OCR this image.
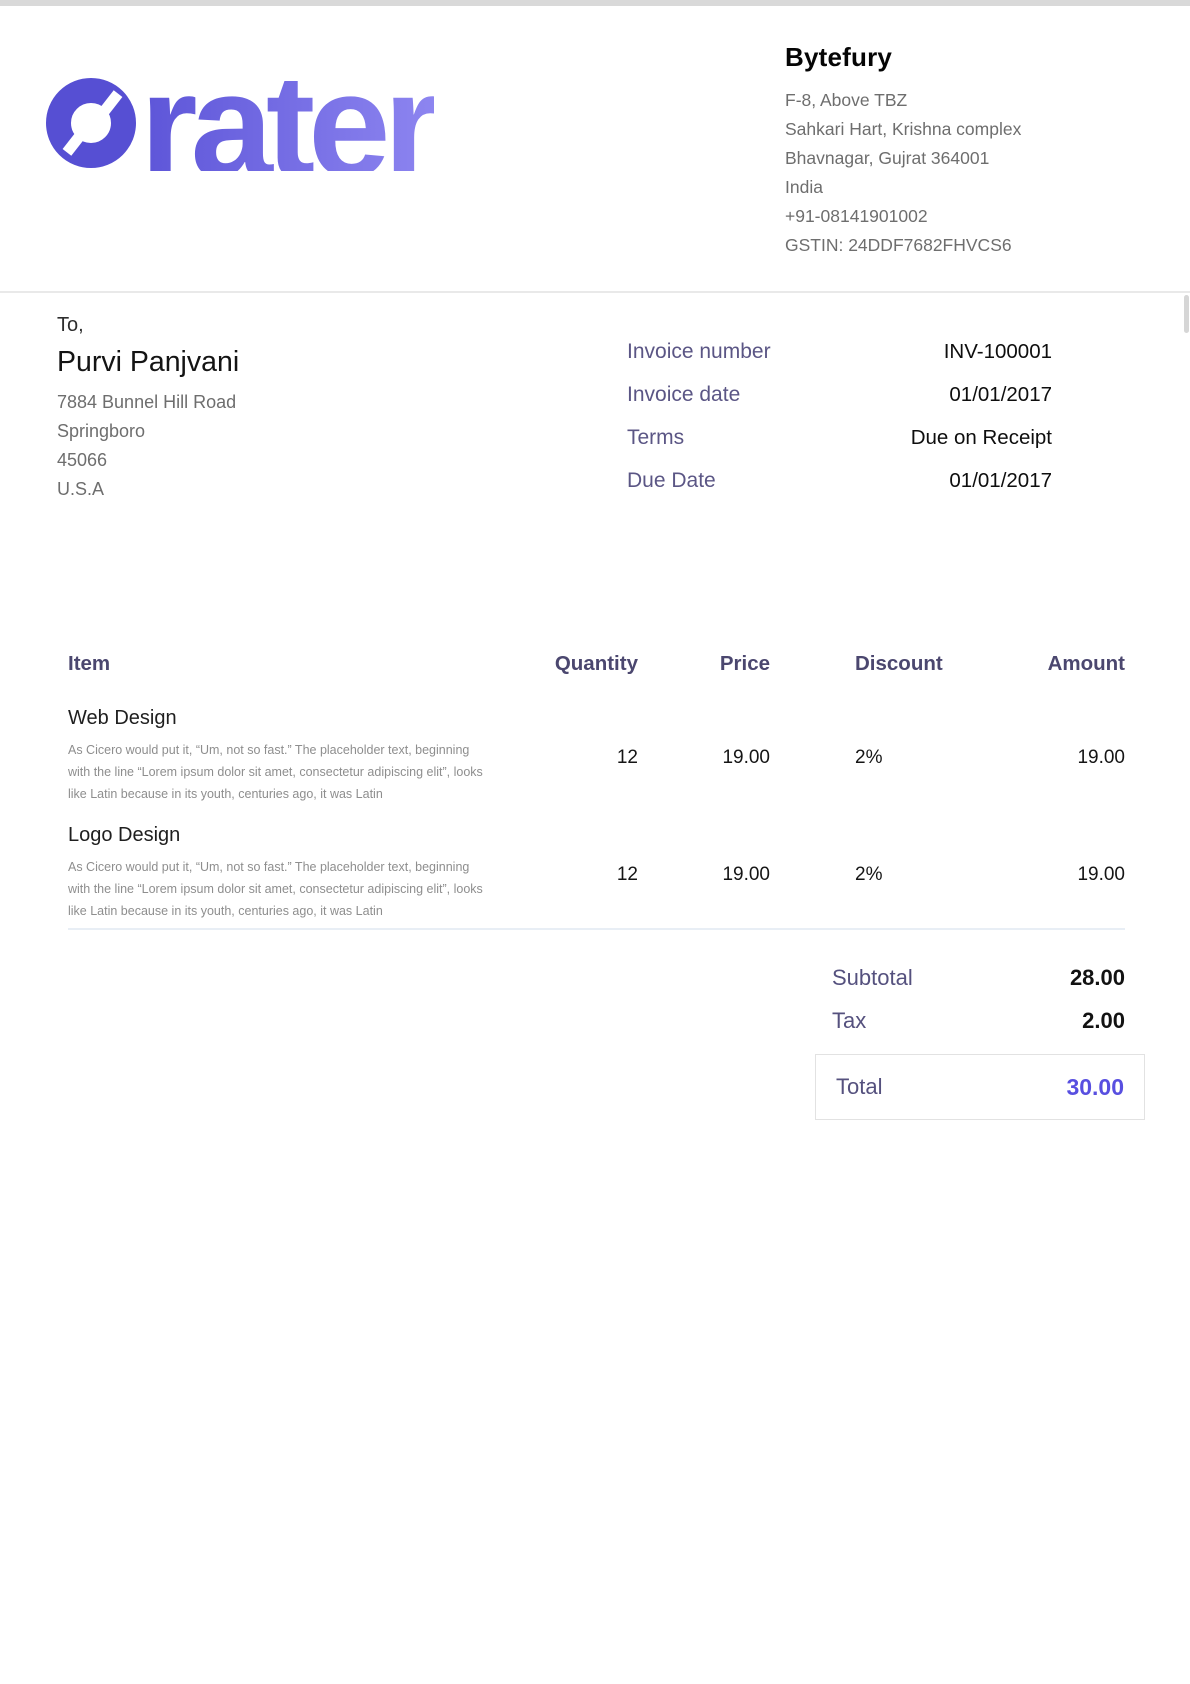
rater	Bytefury
F-8, Above TBZ
Sahkari Hart, Krishna complex
Bhavnagar, Gujrat 364001
India
+91-08141901002
GSTIN: 24DDF7682FHVCS6
To,
Purvi Panjvani
7884 Bunnel Hill Road
Springboro
45066
U.S.A
Invoice number	INV-100001
Invoice date	01/01/2017
Terms	Due on Receipt
Due Date	01/01/2017
Item	Quantity	Price	Discount	Amount
Web Design
As Cicero would put it, “Um, not so fast.” The placeholder text, beginning with the line “Lorem ipsum dolor sit amet, consectetur adipiscing elit”, looks like Latin because in its youth, centuries ago, it was Latin
12	19.00	2%	19.00
Logo Design
As Cicero would put it, “Um, not so fast.” The placeholder text, beginning with the line “Lorem ipsum dolor sit amet, consectetur adipiscing elit”, looks like Latin because in its youth, centuries ago, it was Latin
12	19.00	2%	19.00
Subtotal	28.00
Tax	2.00
Total	30.00
